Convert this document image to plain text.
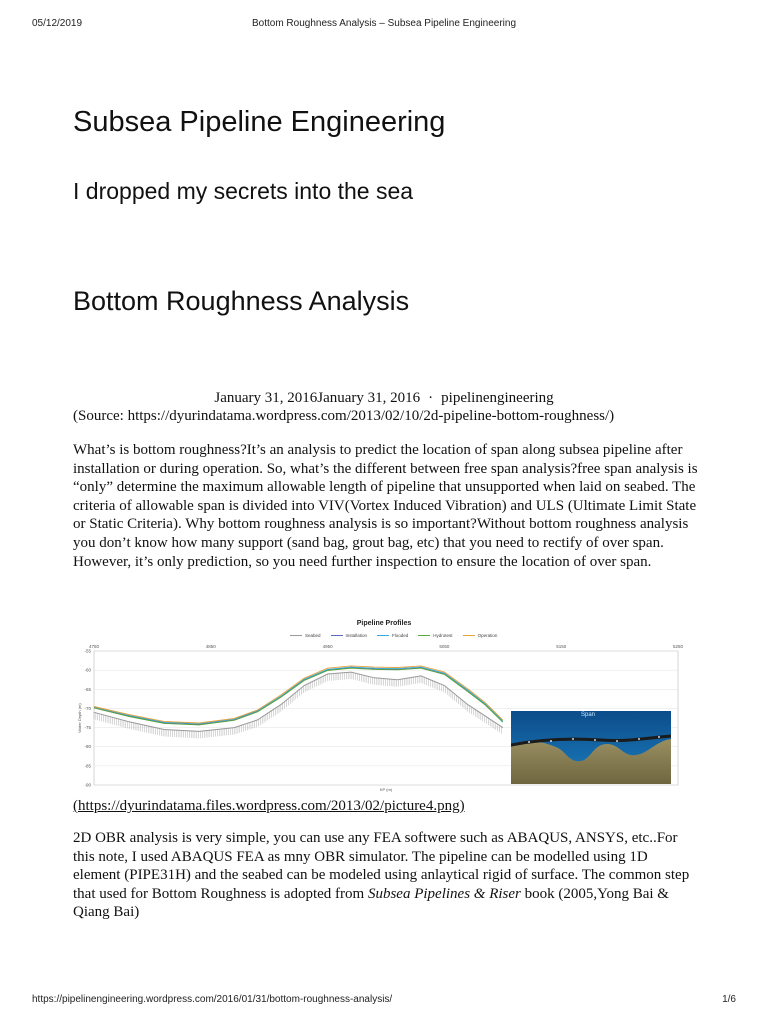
05/12/2019	Bottom Roughness Analysis – Subsea Pipeline Engineering
https://pipelinengineering.wordpress.com/2016/01/31/bottom-roughness-analysis/	1/6
Subsea Pipeline Engineering
I dropped my secrets into the sea
Bottom Roughness Analysis
January 31, 2016January 31, 2016 · pipelinengineering
(Source: https://dyurindatama.wordpress.com/2013/02/10/2d-pipeline-bottom-roughness/)
What’s is bottom roughness?It’s an analysis to predict the location of span along subsea pipeline after installation or during operation. So, what’s the different between free span analysis?free span analysis is “only” determine the maximum allowable length of pipeline that unsupported when laid on seabed. The criteria of allowable span is divided into VIV(Vortex Induced Vibration) and ULS (Ultimate Limit State or Static Criteria). Why bottom roughness analysis is so important?Without bottom roughness analysis you don’t know how many support (sand bag, grout bag, etc) that you need to rectify of over span. However, it’s only prediction, so you need further inspection to ensure the location of over span.
Pipeline Profiles
Seabed	Installation	Flooded	Hydrotest	Operation
-55
-60
-65
-70
-75
-80
-85
-90
4750	4850	4950	5050	5150	5250
KP (m)
Water Depth (m)	Span
(https://dyurindatama.files.wordpress.com/2013/02/picture4.png)
2D OBR analysis is very simple, you can use any FEA softwere such as ABAQUS, ANSYS, etc..For this note, I used ABAQUS FEA as mny OBR simulator. The pipeline can be modelled using 1D element (PIPE31H) and the seabed can be modeled using anlaytical rigid of surface. The common step that used for Bottom Roughness is adopted from Subsea Pipelines & Riser book (2005,Yong Bai & Qiang Bai)
